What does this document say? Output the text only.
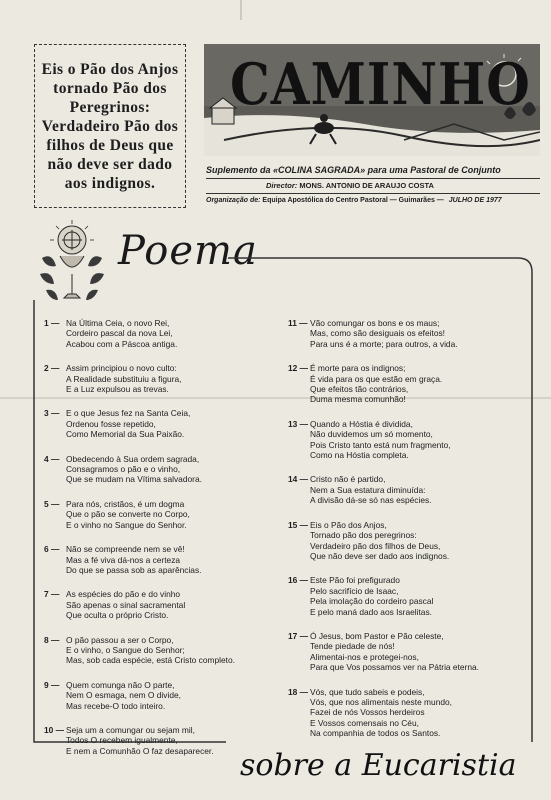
Eis o Pão dos Anjos tornado Pão dos Peregrinos: Verdadeiro Pão dos filhos de Deus que não deve ser dado aos indignos.
CAMINHO
Suplemento da «COLINA SAGRADA» para uma Pastoral de Conjunto
Director: MONS. ANTONIO DE ARAUJO COSTA
Organização de: Equipa Apostólica do Centro Pastoral — Guimarães — JULHO DE 1977
Poema
1 — Na Última Ceia, o novo Rei,
Cordeiro pascal da nova Lei,
Acabou com a Páscoa antiga.
2 — Assim principiou o novo culto:
A Realidade substituiu a figura,
E a Luz expulsou as trevas.
3 — E o que Jesus fez na Santa Ceia,
Ordenou fosse repetido,
Como Memorial da Sua Paixão.
4 — Obedecendo à Sua ordem sagrada,
Consagramos o pão e o vinho,
Que se mudam na Vítima salvadora.
5 — Para nós, cristãos, é um dogma
Que o pão se converte no Corpo,
E o vinho no Sangue do Senhor.
6 — Não se compreende nem se vê!
Mas a fé viva dá-nos a certeza
Do que se passa sob as aparências.
7 — As espécies do pão e do vinho
São apenas o sinal sacramental
Que oculta o próprio Cristo.
8 — O pão passou a ser o Corpo,
E o vinho, o Sangue do Senhor;
Mas, sob cada espécie, está Cristo completo.
9 — Quem comunga não O parte,
Nem O esmaga, nem O divide,
Mas recebe-O todo inteiro.
10 — Seja um a comungar ou sejam mil,
Todos O recebem igualmente,
E nem a Comunhão O faz desaparecer.
11 — Vão comungar os bons e os maus;
Mas, como são desiguais os efeitos!
Para uns é a morte; para outros, a vida.
12 — É morte para os indignos;
É vida para os que estão em graça.
Que efeitos tão contrários,
Duma mesma comunhão!
13 — Quando a Hóstia é dividida,
Não duvidemos um só momento,
Pois Cristo tanto está num fragmento,
Como na Hóstia completa.
14 — Cristo não é partido,
Nem a Sua estatura diminuída:
A divisão dá-se só nas espécies.
15 — Eis o Pão dos Anjos,
Tornado pão dos peregrinos:
Verdadeiro pão dos filhos de Deus,
Que não deve ser dado aos indignos.
16 — Este Pão foi prefigurado
Pelo sacrifício de Isaac,
Pela imolação do cordeiro pascal
E pelo maná dado aos Israelitas.
17 — Ó Jesus, bom Pastor e Pão celeste,
Tende piedade de nós!
Alimentai-nos e protegei-nos,
Para que Vos possamos ver na Pátria eterna.
18 — Vós, que tudo sabeis e podeis,
Vós, que nos alimentais neste mundo,
Fazei de nós Vossos herdeiros
E Vossos comensais no Céu,
Na companhia de todos os Santos.
sobre a Eucaristia
